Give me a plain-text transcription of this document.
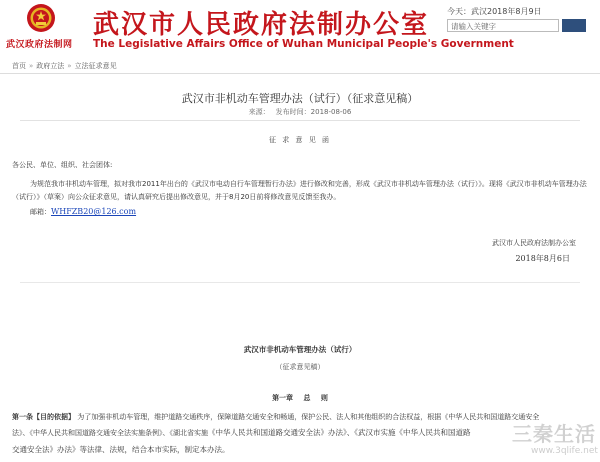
武汉政府法制网
武汉市人民政府法制办公室
The Legislative Affairs Office of Wuhan Municipal People's Government
今天：武汉2018年8月9日
请输入关键字
首页 » 政府立法 » 立法征求意见
武汉市非机动车管理办法（试行）（征求意见稿）
来源： 发布时间：2018-08-06
征 求 意 见 函
各公民、单位、组织、社会团体:
为规范我市非机动车管理，拟对我市2011年出台的《武汉市电动自行车管理暂行办法》进行修改和完善，形成《武汉市非机动车管理办法（试行）》。现将《武汉市非机动车管理办法（试行）》（草案）向公众征求意见，请认真研究后提出修改意见，并于8月20日前将修改意见反馈至我办。
邮箱：WHFZB20@126.com
武汉市人民政府法制办公室
2018年8月6日
武汉市非机动车管理办法（试行）
（征求意见稿）
第一章 总 则
第一条【目的依据】 为了加强非机动车管理，维护道路交通秩序，保障道路交通安全和畅通，保护公民、法人和其他组织的合法权益，根据《中华人民共和国道路交通安全
法》、《中华人民共和国道路交通安全法实施条例》、《湖北省实施《中华人民共和国道路交通安全法》办法》、《武汉市实施《中华人民共和国道路
交通安全法》办法》等法律、法规，结合本市实际，制定本办法。
三秦生活
www.3qlife.net
